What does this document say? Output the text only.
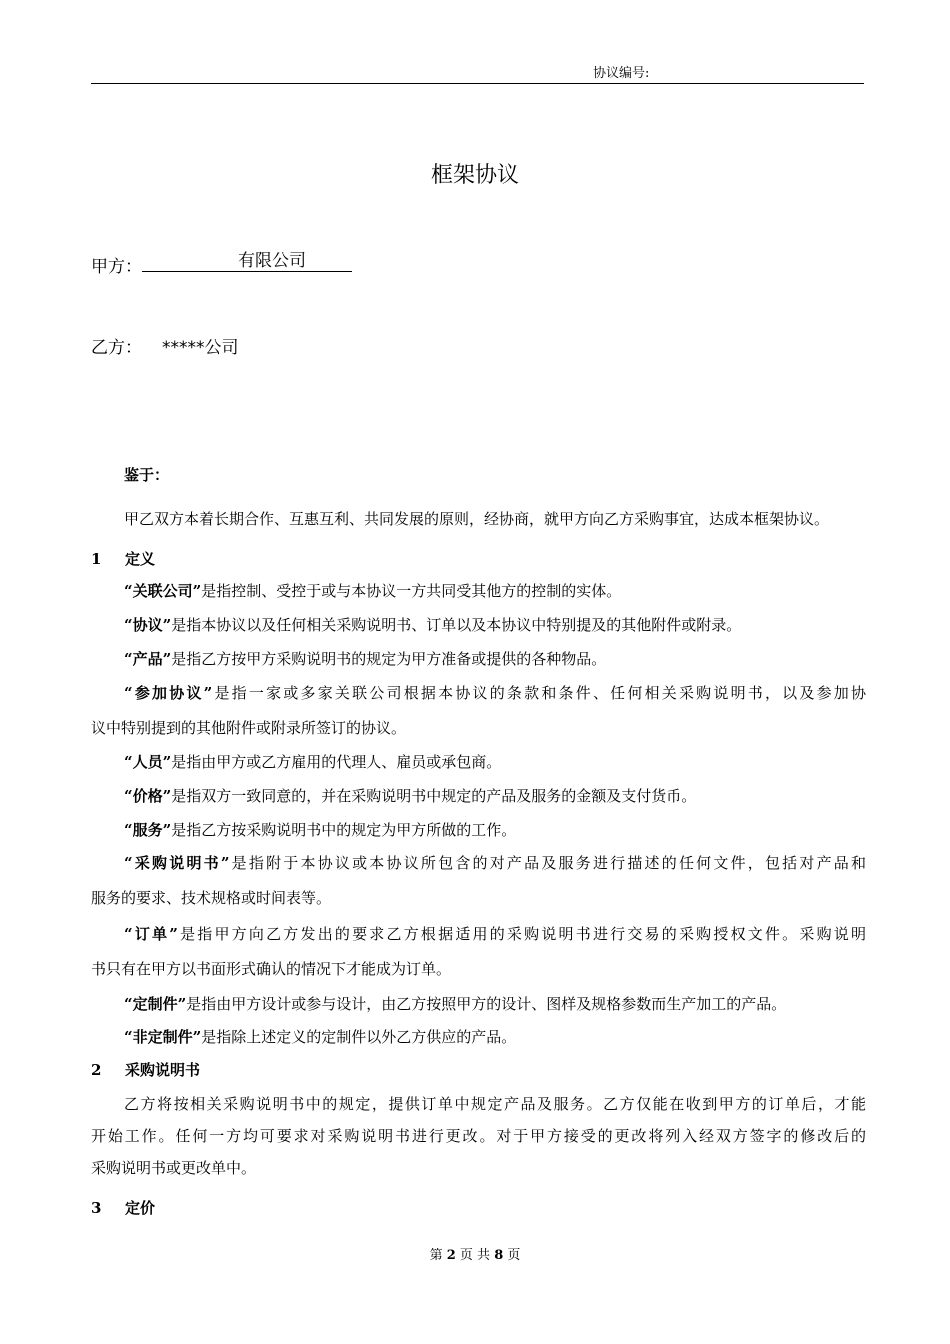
协议编号:
框架协议
甲方：	有限公司
乙方： *****公司
鉴于：
甲乙双方本着长期合作、互惠互利、共同发展的原则，经协商，就甲方向乙方采购事宜，达成本框架协议。
1 定义
“关联公司”是指控制、受控于或与本协议一方共同受其他方的控制的实体。
“协议”是指本协议以及任何相关采购说明书、订单以及本协议中特别提及的其他附件或附录。
“产品”是指乙方按甲方采购说明书的规定为甲方准备或提供的各种物品。
“参加协议”是指一家或多家关联公司根据本协议的条款和条件、任何相关采购说明书，以及参加协
议中特别提到的其他附件或附录所签订的协议。
“人员”是指由甲方或乙方雇用的代理人、雇员或承包商。
“价格”是指双方一致同意的，并在采购说明书中规定的产品及服务的金额及支付货币。
“服务”是指乙方按采购说明书中的规定为甲方所做的工作。
“采购说明书”是指附于本协议或本协议所包含的对产品及服务进行描述的任何文件，包括对产品和
服务的要求、技术规格或时间表等。
“订单”是指甲方向乙方发出的要求乙方根据适用的采购说明书进行交易的采购授权文件。采购说明
书只有在甲方以书面形式确认的情况下才能成为订单。
“定制件”是指由甲方设计或参与设计，由乙方按照甲方的设计、图样及规格参数而生产加工的产品。
“非定制件”是指除上述定义的定制件以外乙方供应的产品。
2 采购说明书
乙方将按相关采购说明书中的规定，提供订单中规定产品及服务。乙方仅能在收到甲方的订单后，才能
开始工作。任何一方均可要求对采购说明书进行更改。对于甲方接受的更改将列入经双方签字的修改后的
采购说明书或更改单中。
3 定价
第 2 页 共 8 页
